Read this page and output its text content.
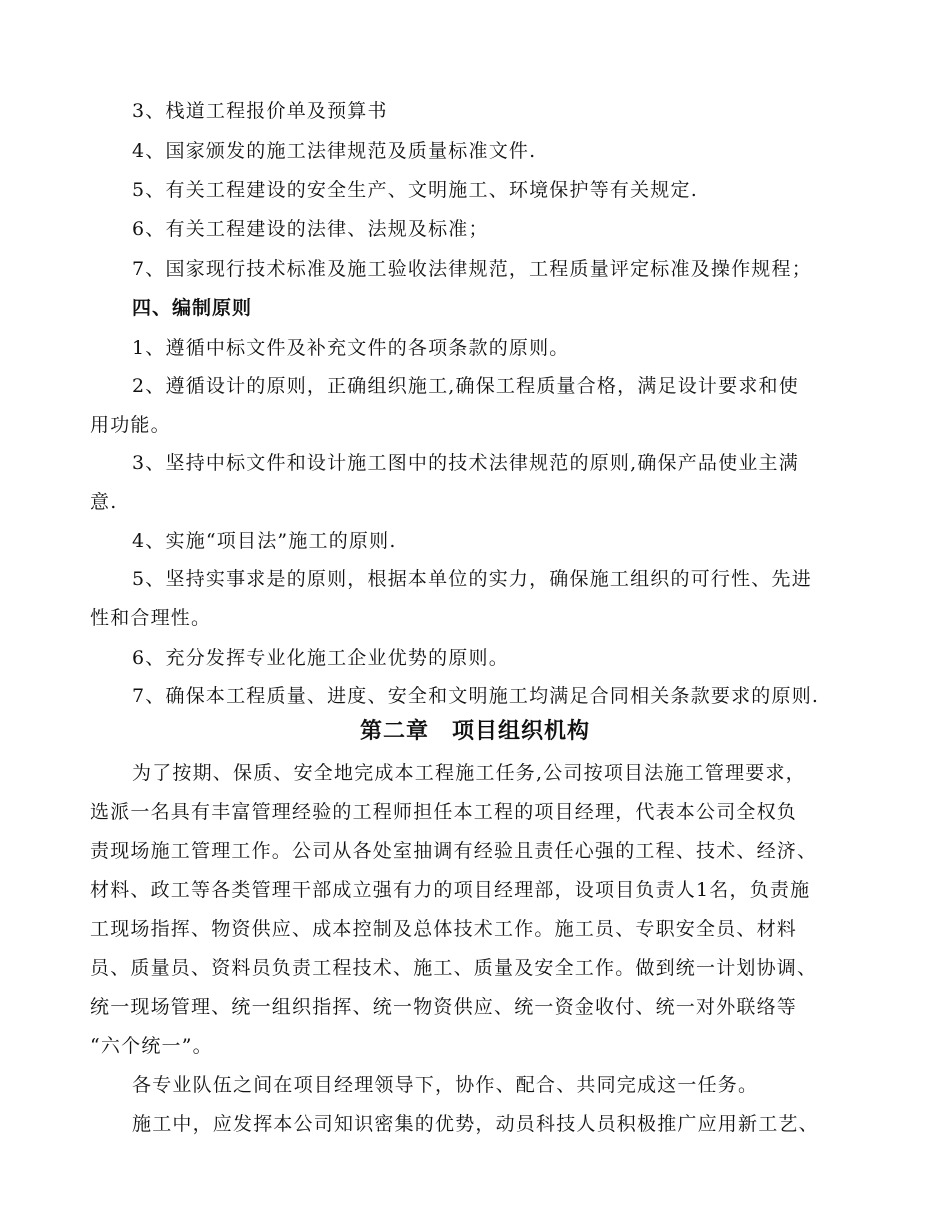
3、栈道工程报价单及预算书
4、国家颁发的施工法律规范及质量标准文件.
5、有关工程建设的安全生产、文明施工、环境保护等有关规定.
6、有关工程建设的法律、法规及标准；
7、国家现行技术标准及施工验收法律规范，工程质量评定标准及操作规程；
四、编制原则
1、遵循中标文件及补充文件的各项条款的原则。
2、遵循设计的原则，正确组织施工,确保工程质量合格，满足设计要求和使
用功能。
3、坚持中标文件和设计施工图中的技术法律规范的原则,确保产品使业主满
意.
4、实施“项目法”施工的原则.
5、坚持实事求是的原则，根据本单位的实力，确保施工组织的可行性、先进
性和合理性。
6、充分发挥专业化施工企业优势的原则。
7、确保本工程质量、进度、安全和文明施工均满足合同相关条款要求的原则.
第二章　项目组织机构
为了按期、保质、安全地完成本工程施工任务,公司按项目法施工管理要求，
选派一名具有丰富管理经验的工程师担任本工程的项目经理，代表本公司全权负
责现场施工管理工作。公司从各处室抽调有经验且责任心强的工程、技术、经济、
材料、政工等各类管理干部成立强有力的项目经理部，设项目负责人1名，负责施
工现场指挥、物资供应、成本控制及总体技术工作。施工员、专职安全员、材料
员、质量员、资料员负责工程技术、施工、质量及安全工作。做到统一计划协调、
统一现场管理、统一组织指挥、统一物资供应、统一资金收付、统一对外联络等
“六个统一”。
各专业队伍之间在项目经理领导下，协作、配合、共同完成这一任务。
施工中，应发挥本公司知识密集的优势，动员科技人员积极推广应用新工艺、
